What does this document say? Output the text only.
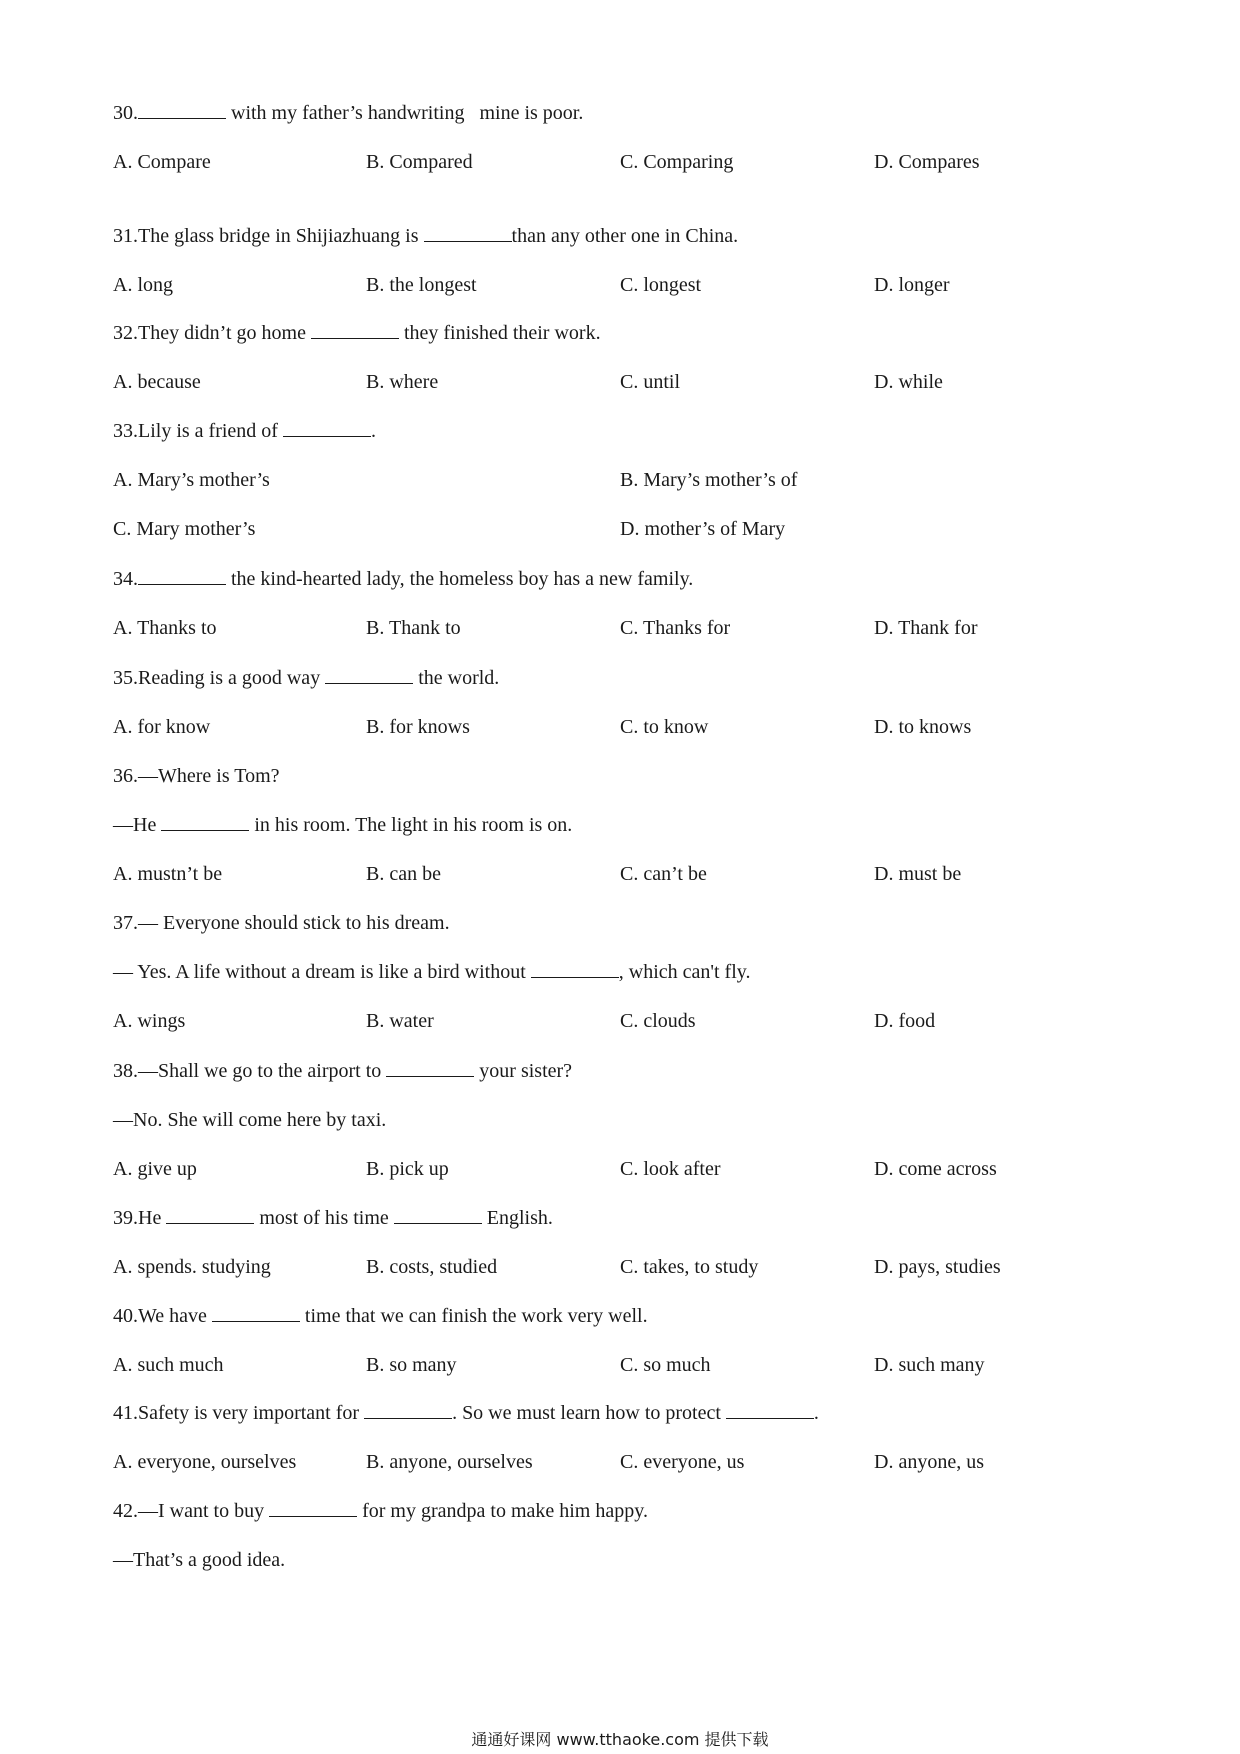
30.	with my father’s handwriting   mine is poor.
A. Compare	B. Compared	C. Comparing	D. Compares
31.The glass bridge in Shijiazhuang is	than any other one in China.
A. long	B. the longest	C. longest	D. longer
32.They didn’t go home	they finished their work.
A. because	B. where	C. until	D. while
33.Lily is a friend of	.
A. Mary’s mother’s	B. Mary’s mother’s of
C. Mary mother’s	D. mother’s of Mary
34.	the kind-hearted lady, the homeless boy has a new family.
A. Thanks to	B. Thank to	C. Thanks for	D. Thank for
35.Reading is a good way	the world.
A. for know	B. for knows	C. to know	D. to knows
36.—Where is Tom?
—He	in his room. The light in his room is on.
A. mustn’t be	B. can be	C. can’t be	D. must be
37.— Everyone should stick to his dream.
— Yes. A life without a dream is like a bird without	, which can't fly.
A. wings	B. water	C. clouds	D. food
38.—Shall we go to the airport to	your sister?
—No. She will come here by taxi.
A. give up	B. pick up	C. look after	D. come across
39.He	most of his time	English.
A. spends. studying	B. costs, studied	C. takes, to study	D. pays, studies
40.We have	time that we can finish the work very well.
A. such much	B. so many	C. so much	D. such many
41.Safety is very important for	. So we must learn how to protect	.
A. everyone, ourselves	B. anyone, ourselves	C. everyone, us	D. anyone, us
42.—I want to buy	for my grandpa to make him happy.
—That’s a good idea.
通通好课网 www.tthaoke.com 提供下载
